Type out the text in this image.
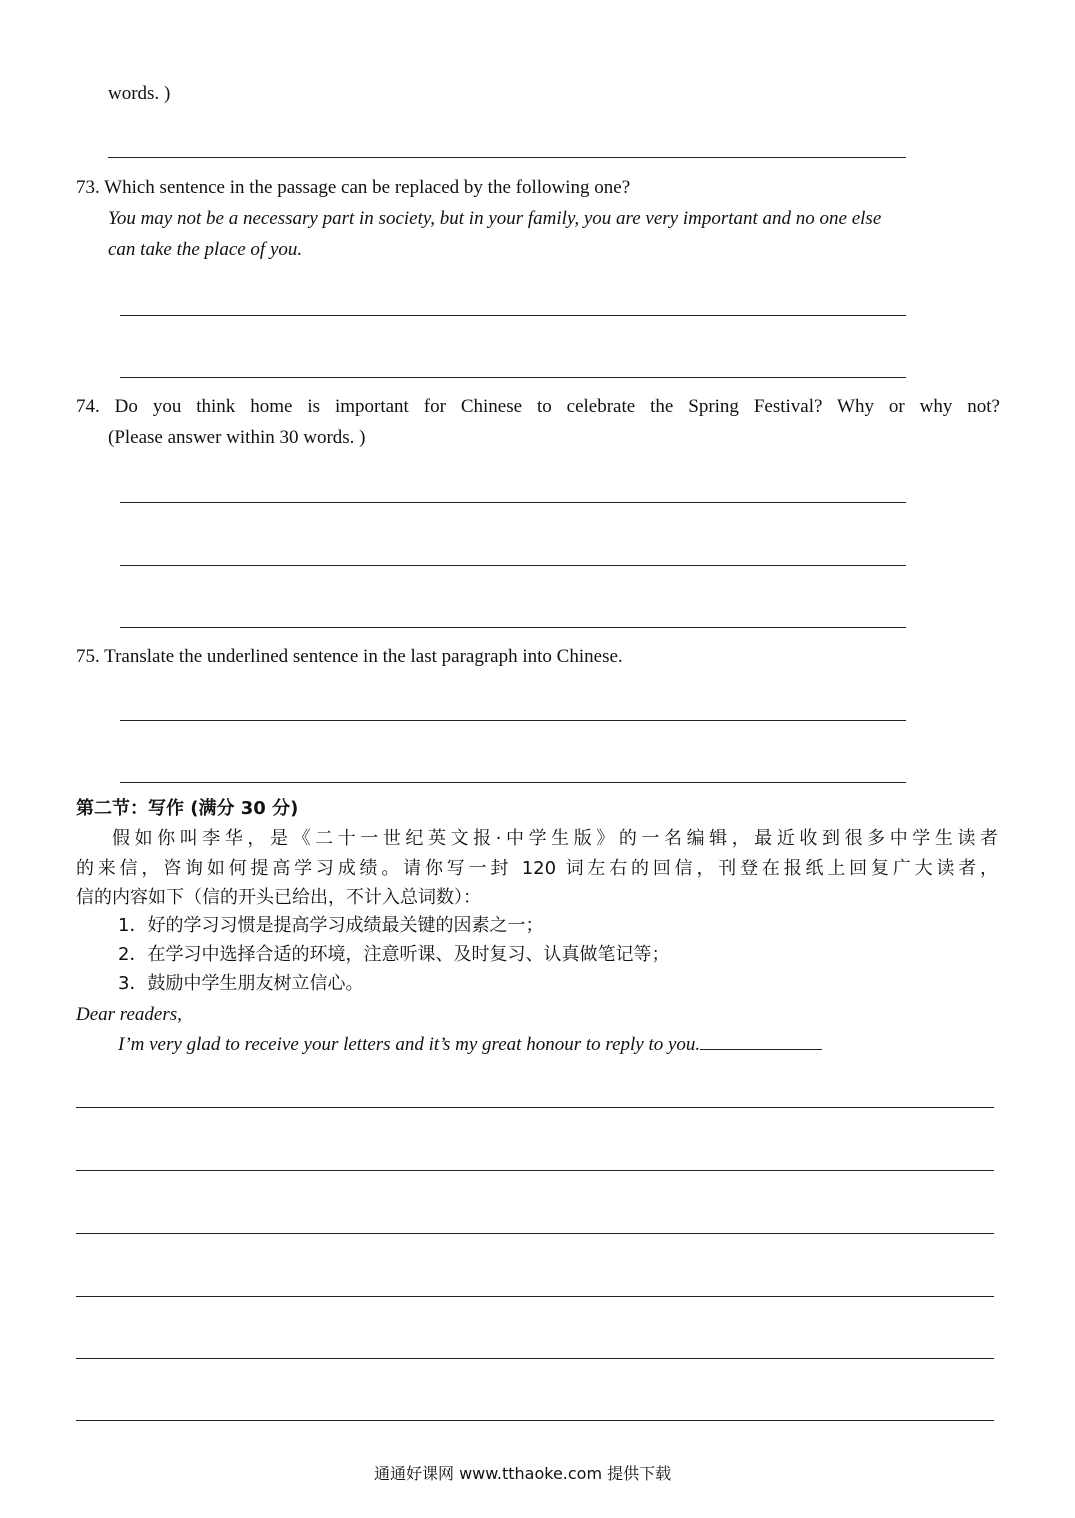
words. )
73. Which sentence in the passage can be replaced by the following one?
You may not be a necessary part in society, but in your family, you are very important and no one else
can take the place of you.
74. Do you think home is important for Chinese to celebrate the Spring Festival? Why or why not?
(Please answer within 30 words. )
75. Translate the underlined sentence in the last paragraph into Chinese.
第二节：写作 (满分 30 分)
假如你叫李华，是《二十一世纪英文报·中学生版》的一名编辑，最近收到很多中学生读者
的来信，咨询如何提高学习成绩。请你写一封 120 词左右的回信，刊登在报纸上回复广大读者，
信的内容如下（信的开头已给出，不计入总词数）：
1．好的学习习惯是提高学习成绩最关键的因素之一；
2．在学习中选择合适的环境，注意听课、及时复习、认真做笔记等；
3．鼓励中学生朋友树立信心。
Dear readers,
I’m very glad to receive your letters and it’s my great honour to reply to you.
通通好课网 www.tthaoke.com 提供下载
